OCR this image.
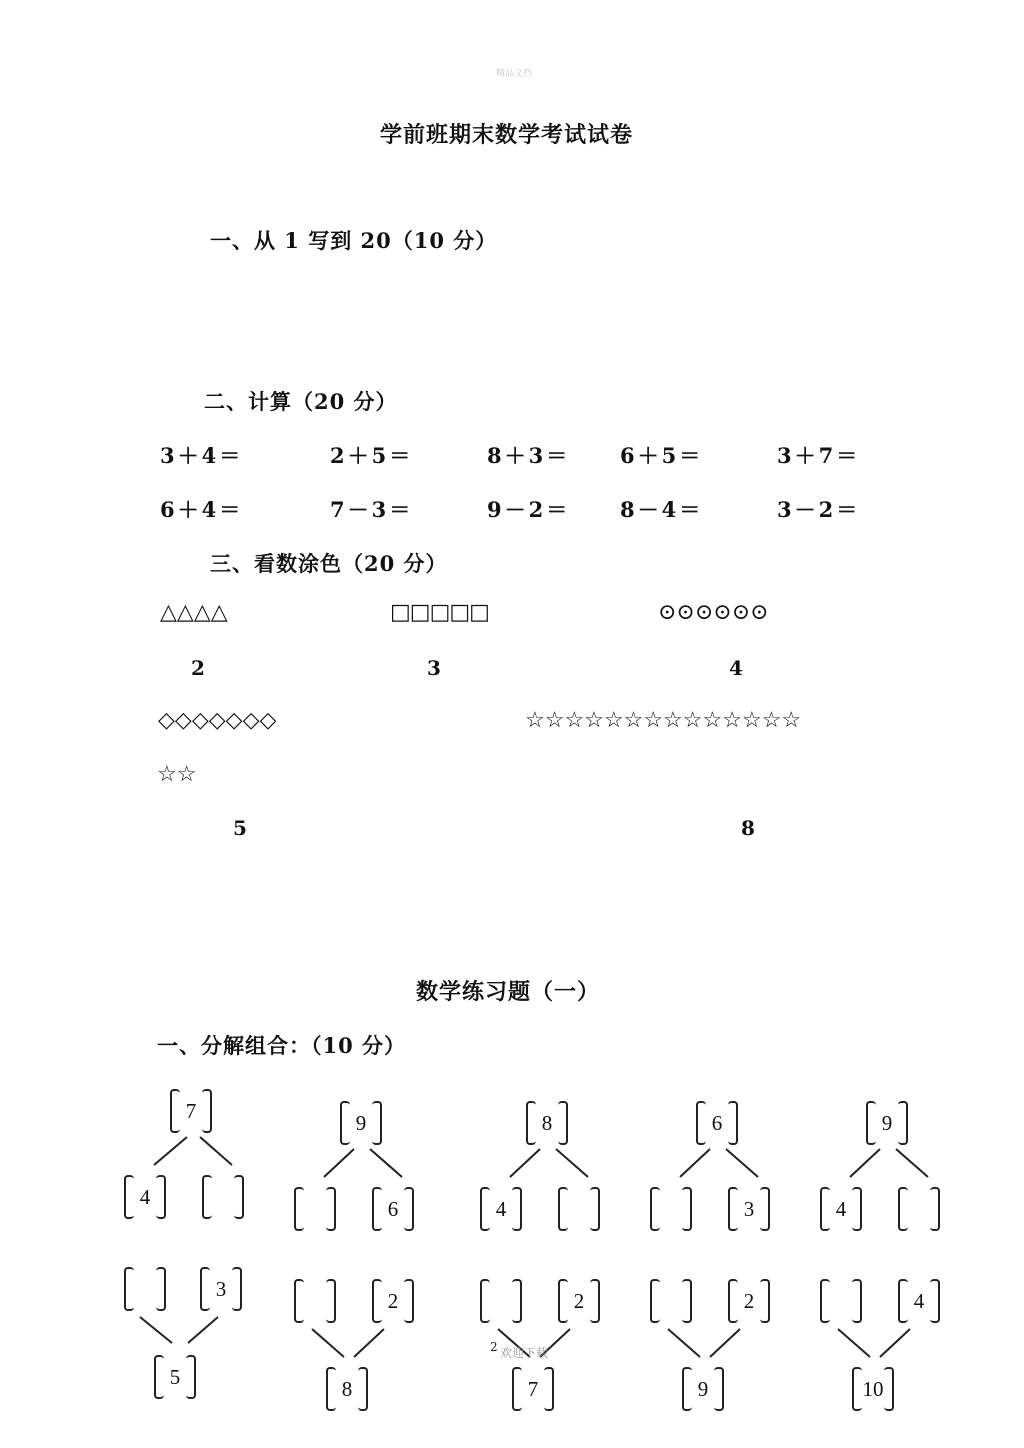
精品文档
学前班期末数学考试试卷
一、从 1 写到 20（10 分）
二、计算（20 分）
3＋4＝	2＋5＝	8＋3＝ 6＋5＝	3＋7＝
6＋4＝	7－3＝	9－2＝ 8－4＝	3－2＝
三、看数涂色（20 分）
△△△△
2
□□□□□
3
⊙⊙⊙⊙⊙⊙
4
◇◇◇◇◇◇◇	☆☆☆☆☆☆☆☆☆☆☆☆☆☆
☆☆
5	8
数学练习题（一）
一、分解组合：（10 分）
7
4
9
6
8
4
6
3
9
4
3
5
2
8
2
7
2
9
4
10
2 欢迎下载
